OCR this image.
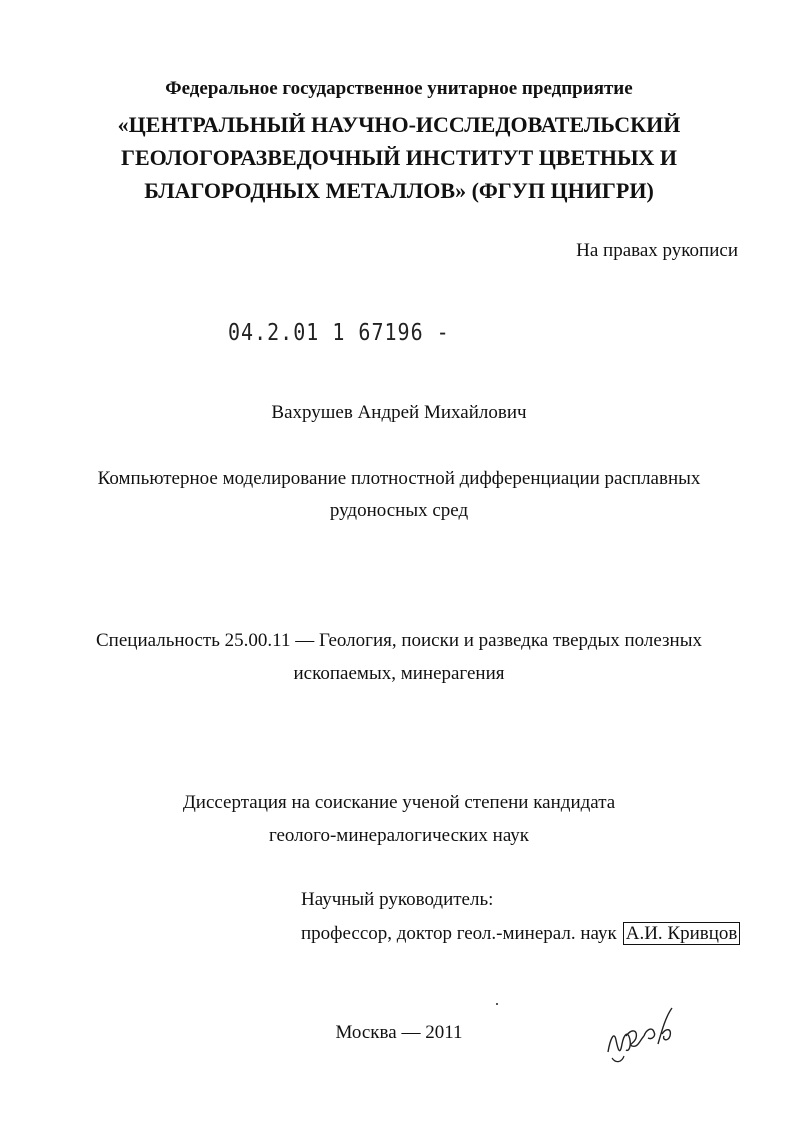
Федеральное государственное унитарное предприятие
«ЦЕНТРАЛЬНЫЙ НАУЧНО-ИССЛЕДОВАТЕЛЬСКИЙ
ГЕОЛОГОРАЗВЕДОЧНЫЙ ИНСТИТУТ ЦВЕТНЫХ И
БЛАГОРОДНЫХ МЕТАЛЛОВ» (ФГУП ЦНИГРИ)
На правах рукописи
04.2.01 1 67196 -
Вахрушев Андрей Михайлович
Компьютерное моделирование плотностной дифференциации расплавных
рудоносных сред
Специальность 25.00.11 — Геология, поиски и разведка твердых полезных
ископаемых, минерагения
Диссертация на соискание ученой степени кандидата
геолого-минералогических наук
Научный руководитель:
профессор, доктор геол.-минерал. наук А.И. Кривцов
Москва — 2011
